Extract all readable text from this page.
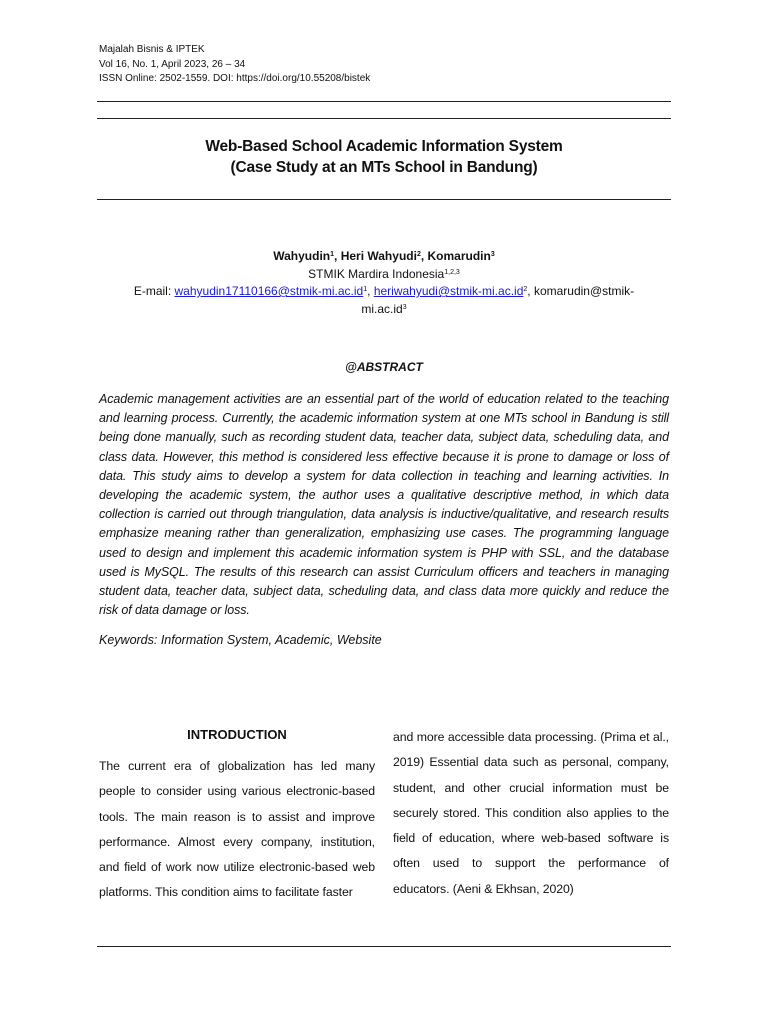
Majalah Bisnis & IPTEK
Vol 16, No. 1, April 2023, 26 – 34
ISSN Online: 2502-1559. DOI: https://doi.org/10.55208/bistek
Web-Based School Academic Information System
(Case Study at an MTs School in Bandung)
Wahyudin$^1$, Heri Wahyudi$^2$, Komarudin$^3$
STMIK Mardira Indonesia$^{1,2,3}$
E-mail: $wahyudin17110166@stmik-mi.ac.id^1$, $heriwahyudi@stmik-mi.ac.id^2$, komarudin@stmik-
$mi.ac.id^3$
@ABSTRACT
Academic management activities are an essential part of the world of education related to the teaching and learning process. Currently, the academic information system at one MTs school in Bandung is still being done manually, such as recording student data, teacher data, subject data, scheduling data, and class data. However, this method is considered less effective because it is prone to damage or loss of data. This study aims to develop a system for data collection in teaching and learning activities. In developing the academic system, the author uses a qualitative descriptive method, in which data collection is carried out through triangulation, data analysis is inductive/qualitative, and research results emphasize meaning rather than generalization, emphasizing use cases. The programming language used to design and implement this academic information system is PHP with SSL, and the database used is MySQL. The results of this research can assist Curriculum officers and teachers in managing student data, teacher data, subject data, scheduling data, and class data more quickly and reduce the risk of data damage or loss.
Keywords: Information System, Academic, Website
INTRODUCTION
The current era of globalization has led many people to consider using various electronic-based tools. The main reason is to assist and improve performance. Almost every company, institution, and field of work now utilize electronic-based web platforms. This condition aims to facilitate faster
and more accessible data processing. (Prima et al., 2019) Essential data such as personal, company, student, and other crucial information must be securely stored. This condition also applies to the field of education, where web-based software is often used to support the performance of educators. (Aeni & Ekhsan, 2020)
